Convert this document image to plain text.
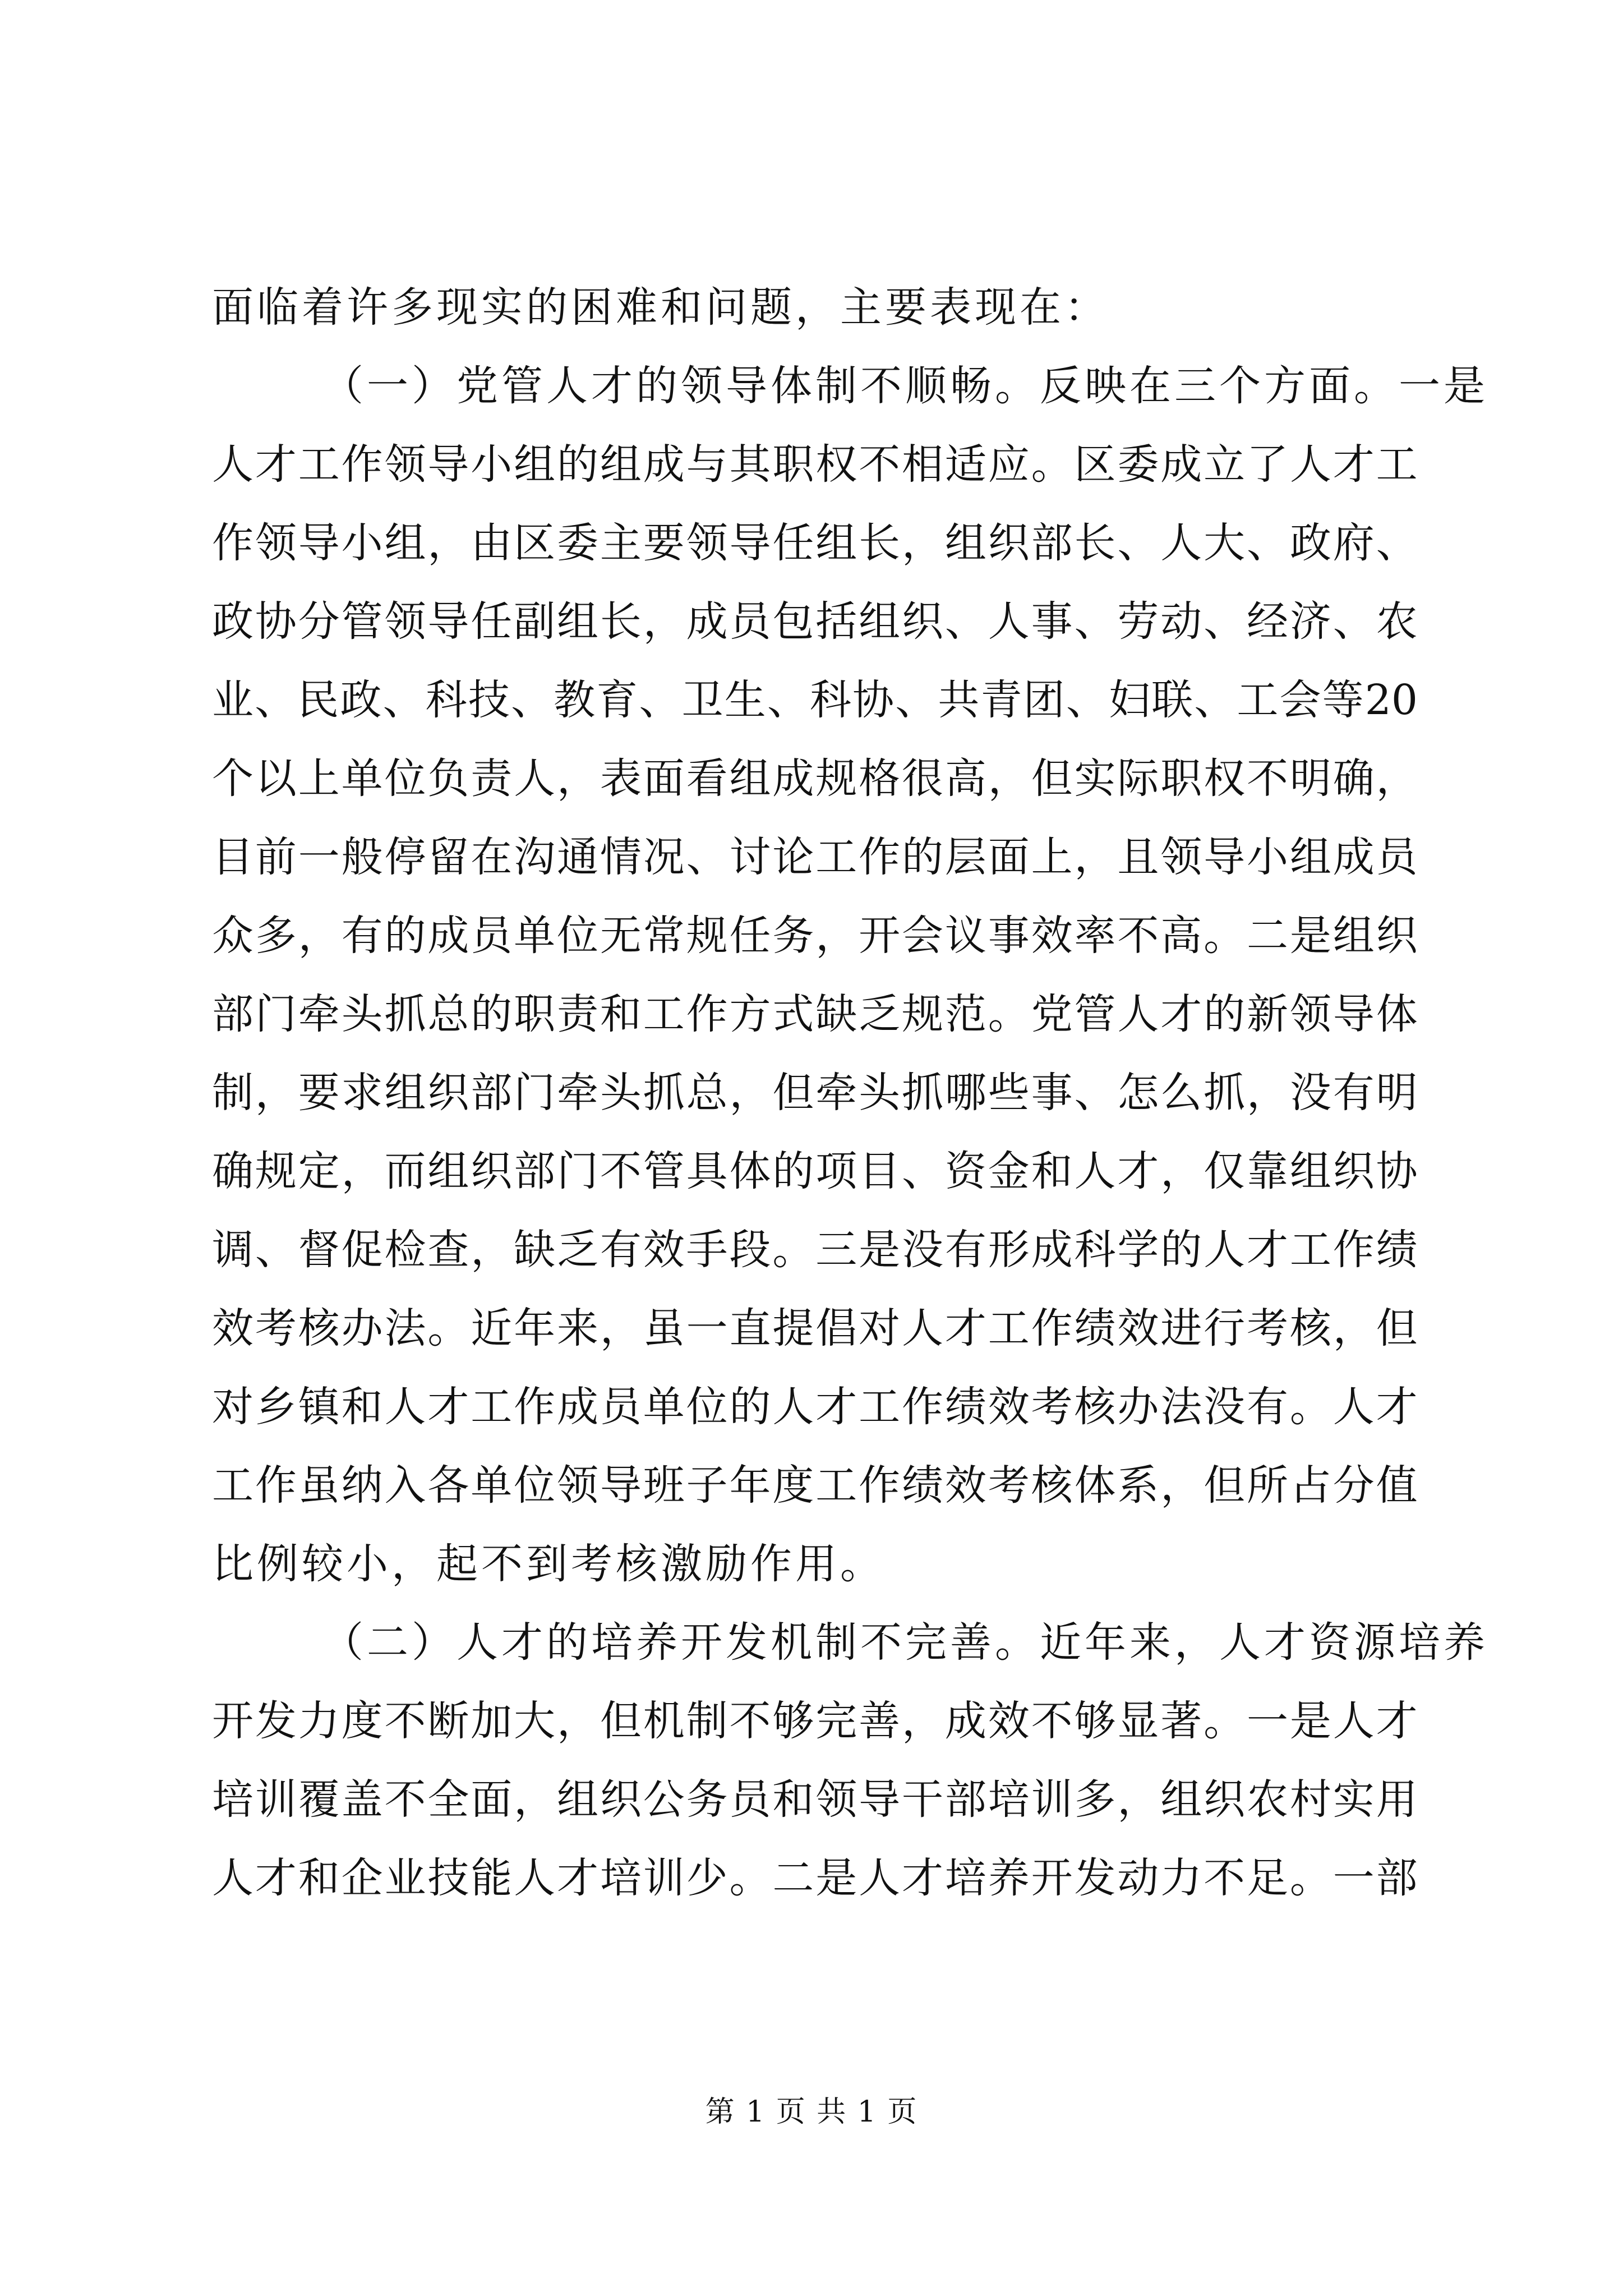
面临着许多现实的困难和问题，主要表现在：
（一）党管人才的领导体制不顺畅。反映在三个方面。一是
人 才 工 作 领 导 小 组 的 组 成 与 其 职 权 不 相 适 应 。 区 委 成 立 了 人 才 工
作 领 导 小 组 ， 由 区 委 主 要 领 导 任 组 长 ， 组 织 部 长 、 人 大 、 政 府 、
政 协 分 管 领 导 任 副 组 长 ， 成 员 包 括 组 织 、 人 事 、 劳 动 、 经 济 、 农
业 、 民 政 、 科 技 、 教 育 、 卫 生 、 科 协 、 共 青 团 、 妇 联 、 工 会 等 20
个 以 上 单 位 负 责 人 ， 表 面 看 组 成 规 格 很 高 ， 但 实 际 职 权 不 明 确 ，
目 前 一 般 停 留 在 沟 通 情 况 、 讨 论 工 作 的 层 面 上 ， 且 领 导 小 组 成 员
众 多 ， 有 的 成 员 单 位 无 常 规 任 务 ， 开 会 议 事 效 率 不 高 。 二 是 组 织
部 门 牵 头 抓 总 的 职 责 和 工 作 方 式 缺 乏 规 范 。 党 管 人 才 的 新 领 导 体
制 ， 要 求 组 织 部 门 牵 头 抓 总 ， 但 牵 头 抓 哪 些 事 、 怎 么 抓 ， 没 有 明
确 规 定 ， 而 组 织 部 门 不 管 具 体 的 项 目 、 资 金 和 人 才 ， 仅 靠 组 织 协
调 、 督 促 检 查 ， 缺 乏 有 效 手 段 。 三 是 没 有 形 成 科 学 的 人 才 工 作 绩
效 考 核 办 法 。 近 年 来 ， 虽 一 直 提 倡 对 人 才 工 作 绩 效 进 行 考 核 ， 但
对 乡 镇 和 人 才 工 作 成 员 单 位 的 人 才 工 作 绩 效 考 核 办 法 没 有 。 人 才
工 作 虽 纳 入 各 单 位 领 导 班 子 年 度 工 作 绩 效 考 核 体 系 ， 但 所 占 分 值
比例较小，起不到考核激励作用。
（二）人才的培养开发机制不完善。近年来，人才资源培养
开 发 力 度 不 断 加 大 ， 但 机 制 不 够 完 善 ， 成 效 不 够 显 著 。 一 是 人 才
培 训 覆 盖 不 全 面 ， 组 织 公 务 员 和 领 导 干 部 培 训 多 ， 组 织 农 村 实 用
人 才 和 企 业 技 能 人 才 培 训 少 。 二 是 人 才 培 养 开 发 动 力 不 足 。 一 部
第 1 页 共 1 页
